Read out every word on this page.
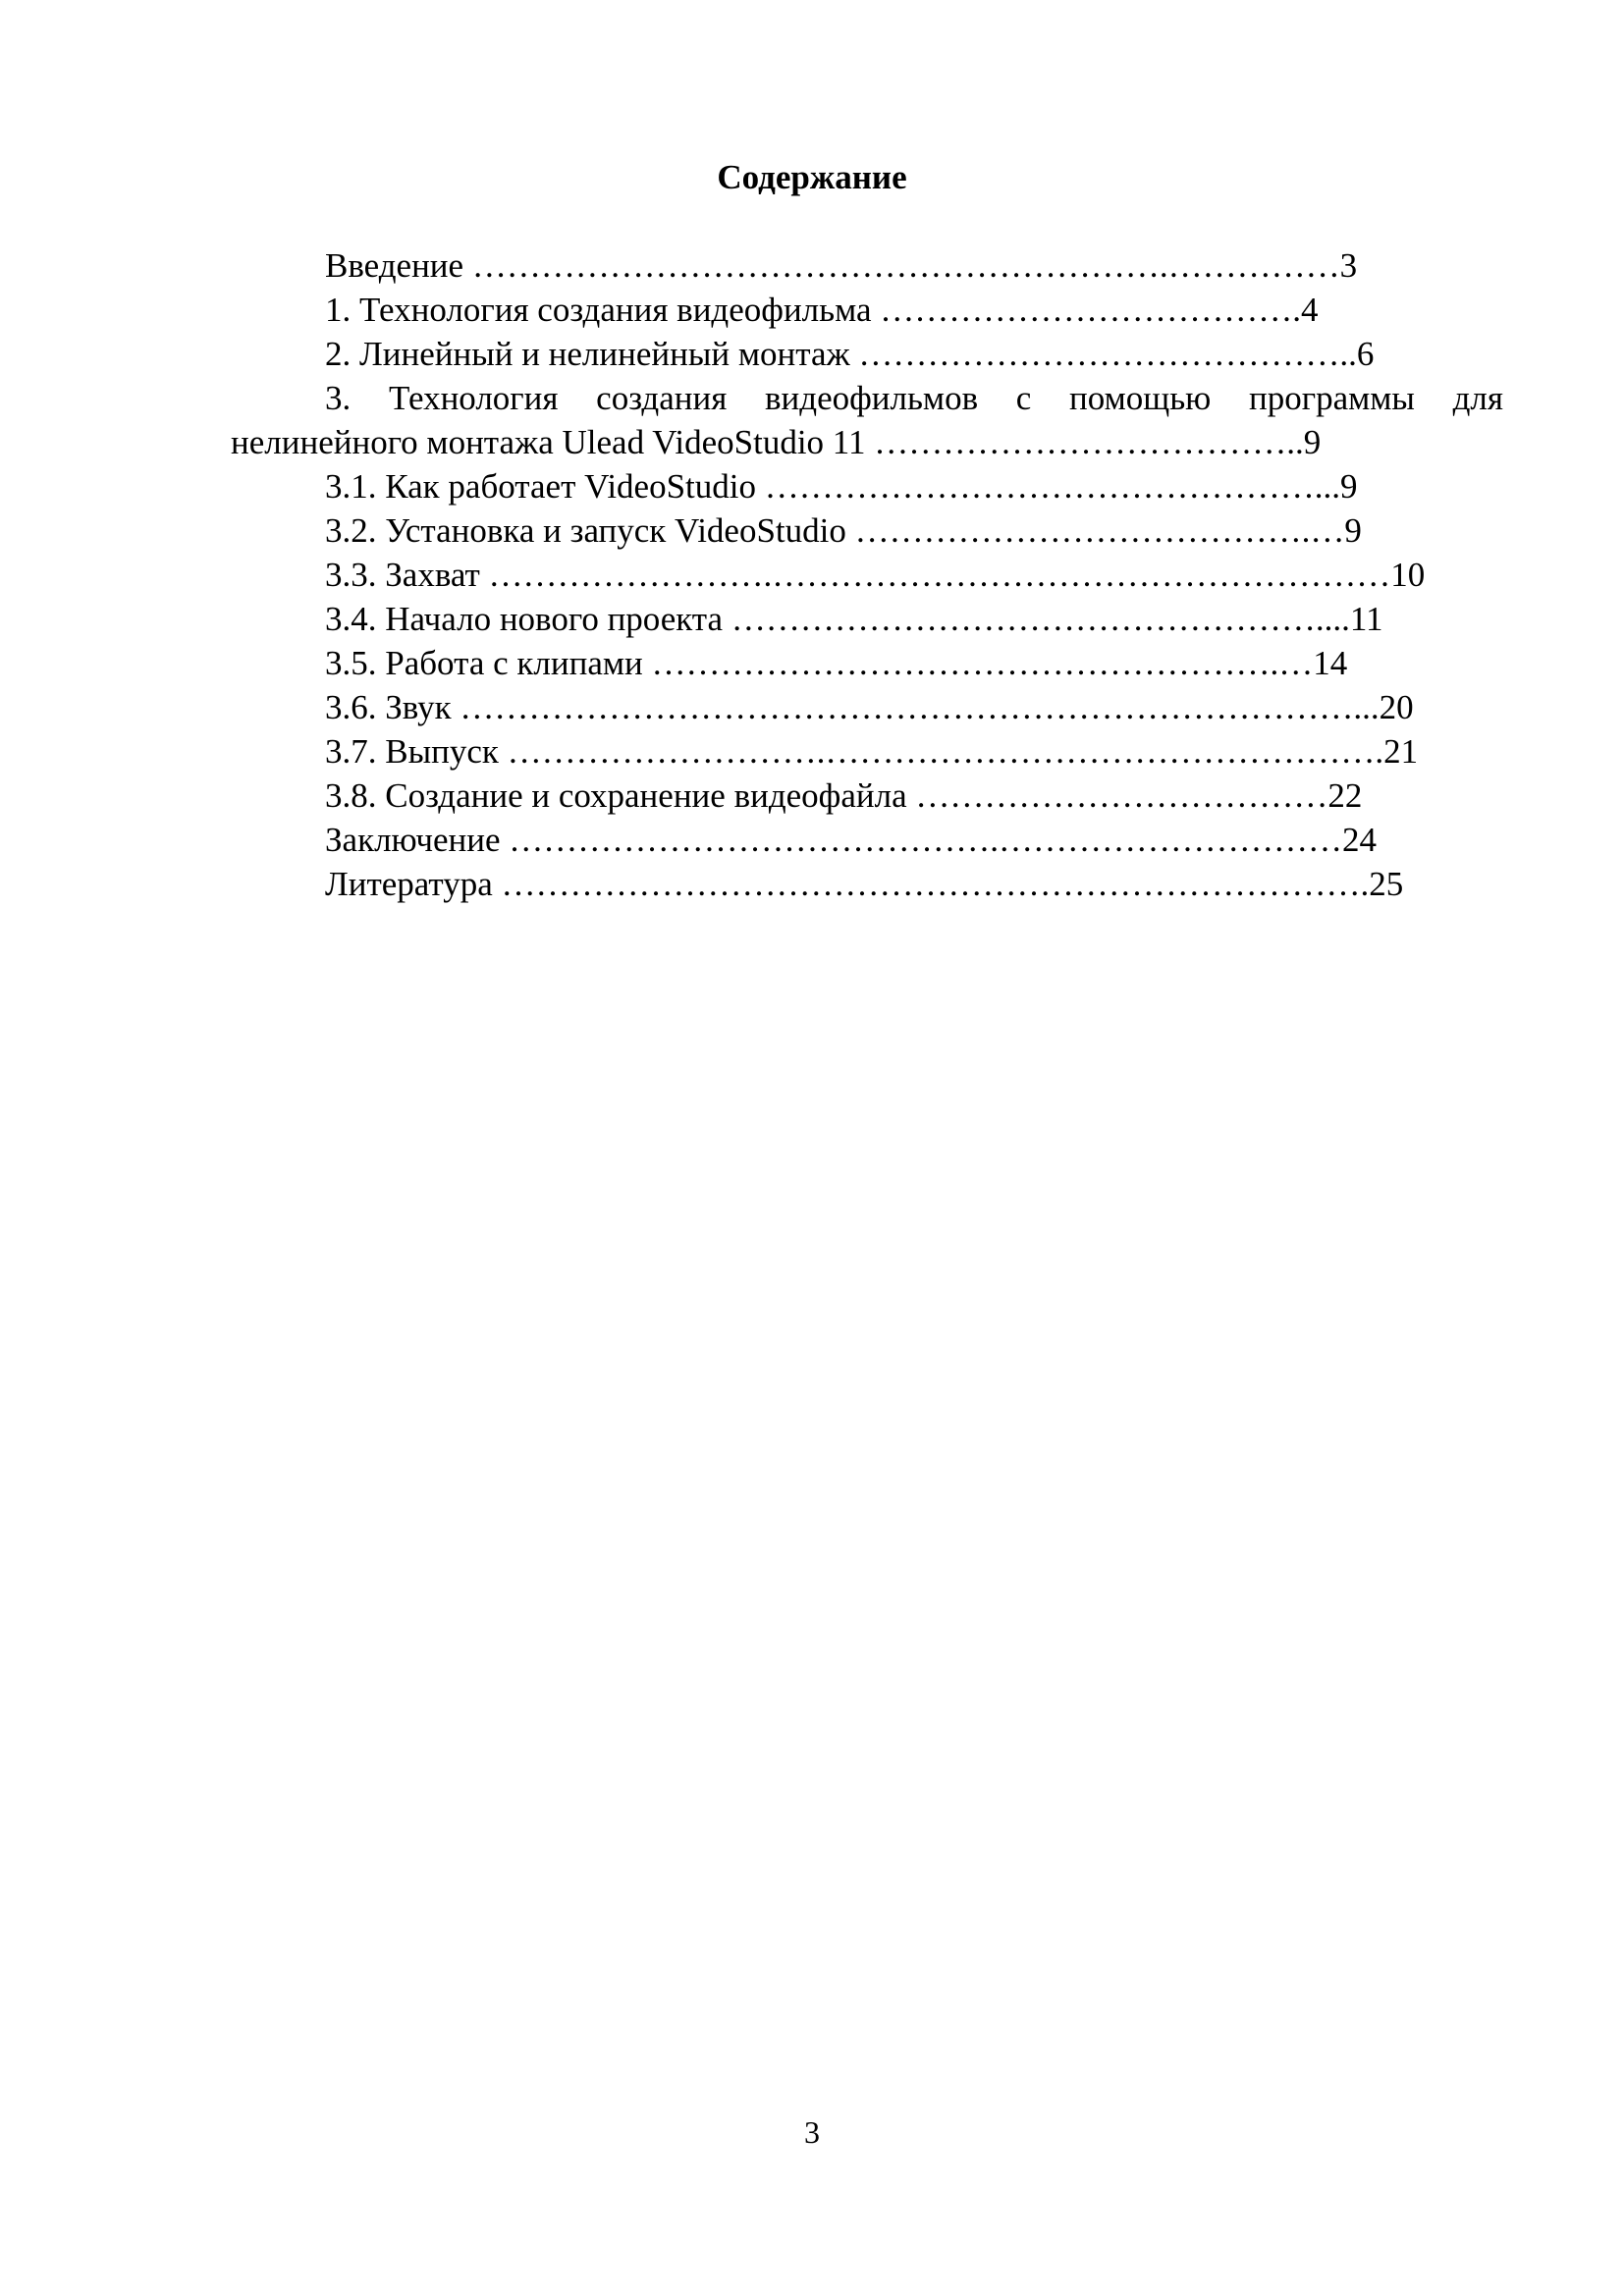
Содержание
Введение …………………………………………………….……………3
1. Технология создания видеофильма ……………………………….4
2. Линейный и нелинейный монтаж ……………………………………..6
3. Технология создания видеофильмов с помощью программы для
нелинейного монтажа Ulead VideoStudio 11 ………………………………..9
3.1. Как работает VideoStudio …………………………………………...9
3.2. Установка и запуск VideoStudio ………………………………….…9
3.3. Захват …………………….………………………………………………10
3.4. Начало нового проекта ……………………………………………....11
3.5. Работа с клипами ……………………………………………….…14
3.6. Звук ……………………………………………………………………...20
3.7. Выпуск ……………………….………………………………………….21
3.8. Создание и сохранение видеофайла ………………………………22
Заключение …………………………………….…………………………24
Литература ………………………………………………………………….25
3
